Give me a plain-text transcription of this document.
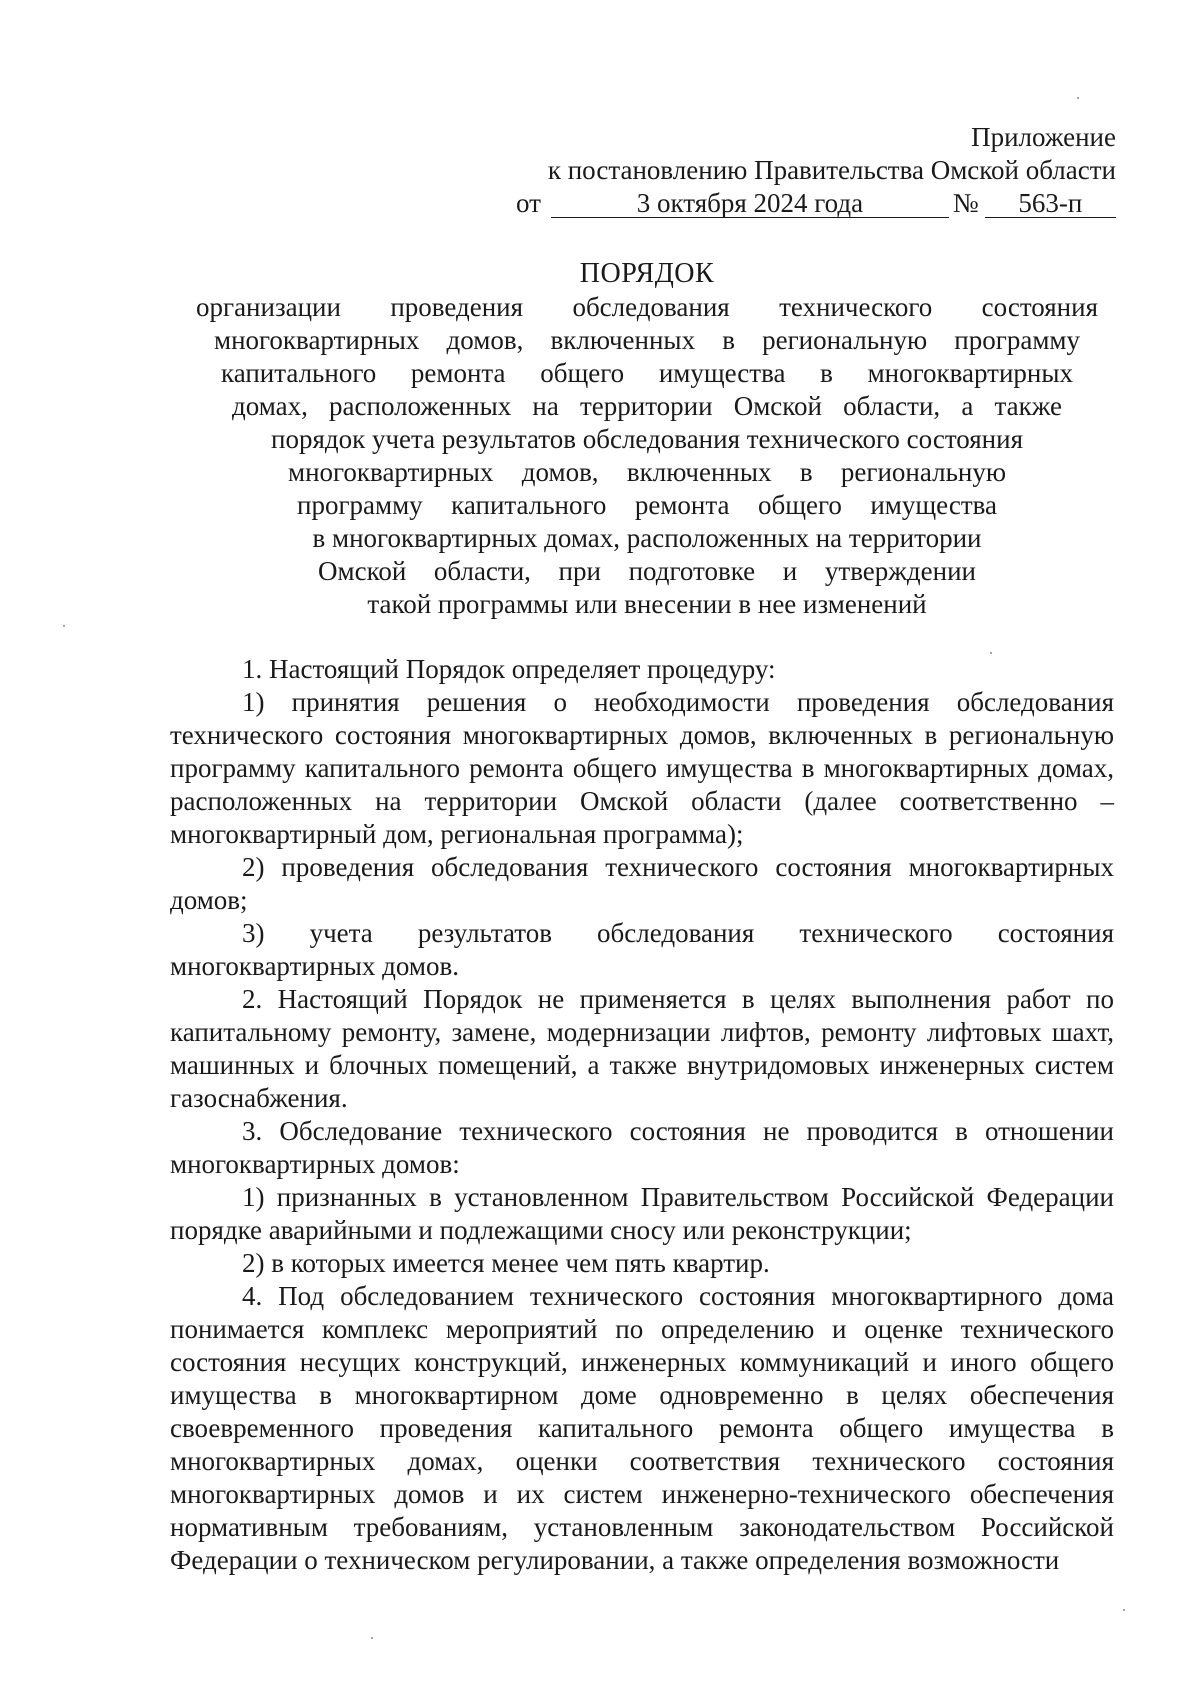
Приложение
к постановлению Правительства Омской области
от	3 октября 2024 года	№	563-п
ПОРЯДОК
организации проведения обследования технического состояния
многоквартирных домов, включенных в региональную программу
капитального ремонта общего имущества в многоквартирных
домах, расположенных на территории Омской области, а также
порядок учета результатов обследования технического состояния
многоквартирных домов, включенных в региональную
программу капитального ремонта общего имущества
в многоквартирных домах, расположенных на территории
Омской области, при подготовке и утверждении
такой программы или внесении в нее изменений

1. Настоящий Порядок определяет процедуру:

1) принятия решения о необходимости проведения обследования технического состояния многоквартирных домов, включенных в региональную программу капитального ремонта общего имущества в многоквартирных домах, расположенных на территории Омской области (далее соответственно – многоквартирный дом, региональная программа);

2) проведения обследования технического состояния многоквартирных домов;

3) учета результатов обследования технического состояния многоквартирных домов.

2. Настоящий Порядок не применяется в целях выполнения работ по капитальному ремонту, замене, модернизации лифтов, ремонту лифтовых шахт, машинных и блочных помещений, а также внутридомовых инженерных систем газоснабжения.

3. Обследование технического состояния не проводится в отношении многоквартирных домов:

1) признанных в установленном Правительством Российской Федерации порядке аварийными и подлежащими сносу или реконструкции;

2) в которых имеется менее чем пять квартир.

4. Под обследованием технического состояния многоквартирного дома понимается комплекс мероприятий по определению и оценке технического состояния несущих конструкций, инженерных коммуникаций и иного общего имущества в многоквартирном доме одновременно в целях обеспечения своевременного проведения капитального ремонта общего имущества в многоквартирных домах, оценки соответствия технического состояния многоквартирных домов и их систем инженерно-технического обеспечения нормативным требованиям, установленным законодательством Российской Федерации о техническом регулировании, а также определения возможности
